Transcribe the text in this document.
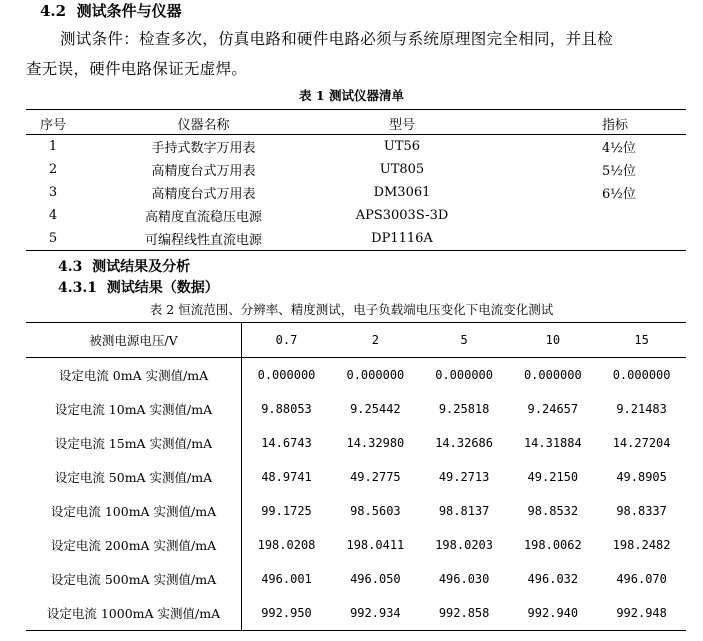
4.2 测试条件与仪器
测试条件：检查多次，仿真电路和硬件电路必须与系统原理图完全相同，并且检
查无误，硬件电路保证无虚焊。
表 1 测试仪器清单
序号	仪器名称	型号	指标
1	手持式数字万用表	UT56	4½位
2	高精度台式万用表	UT805	5½位
3	高精度台式万用表	DM3061	6½位
4	高精度直流稳压电源	APS3003S-3D	
5	可编程线性直流电源	DP1116A	
4.3 测试结果及分析
4.3.1 测试结果（数据）
表 2 恒流范围、分辨率、精度测试，电子负载端电压变化下电流变化测试
被测电源电压/V	0.7	2	5	10	15
设定电流 0mA 实测值/mA	0.000000	0.000000	0.000000	0.000000	0.000000
设定电流 10mA 实测值/mA	9.88053	9.25442	9.25818	9.24657	9.21483
设定电流 15mA 实测值/mA	14.6743	14.32980	14.32686	14.31884	14.27204
设定电流 50mA 实测值/mA	48.9741	49.2775	49.2713	49.2150	49.8905
设定电流 100mA 实测值/mA	99.1725	98.5603	98.8137	98.8532	98.8337
设定电流 200mA 实测值/mA	198.0208	198.0411	198.0203	198.0062	198.2482
设定电流 500mA 实测值/mA	496.001	496.050	496.030	496.032	496.070
设定电流 1000mA 实测值/mA	992.950	992.934	992.858	992.940	992.948
